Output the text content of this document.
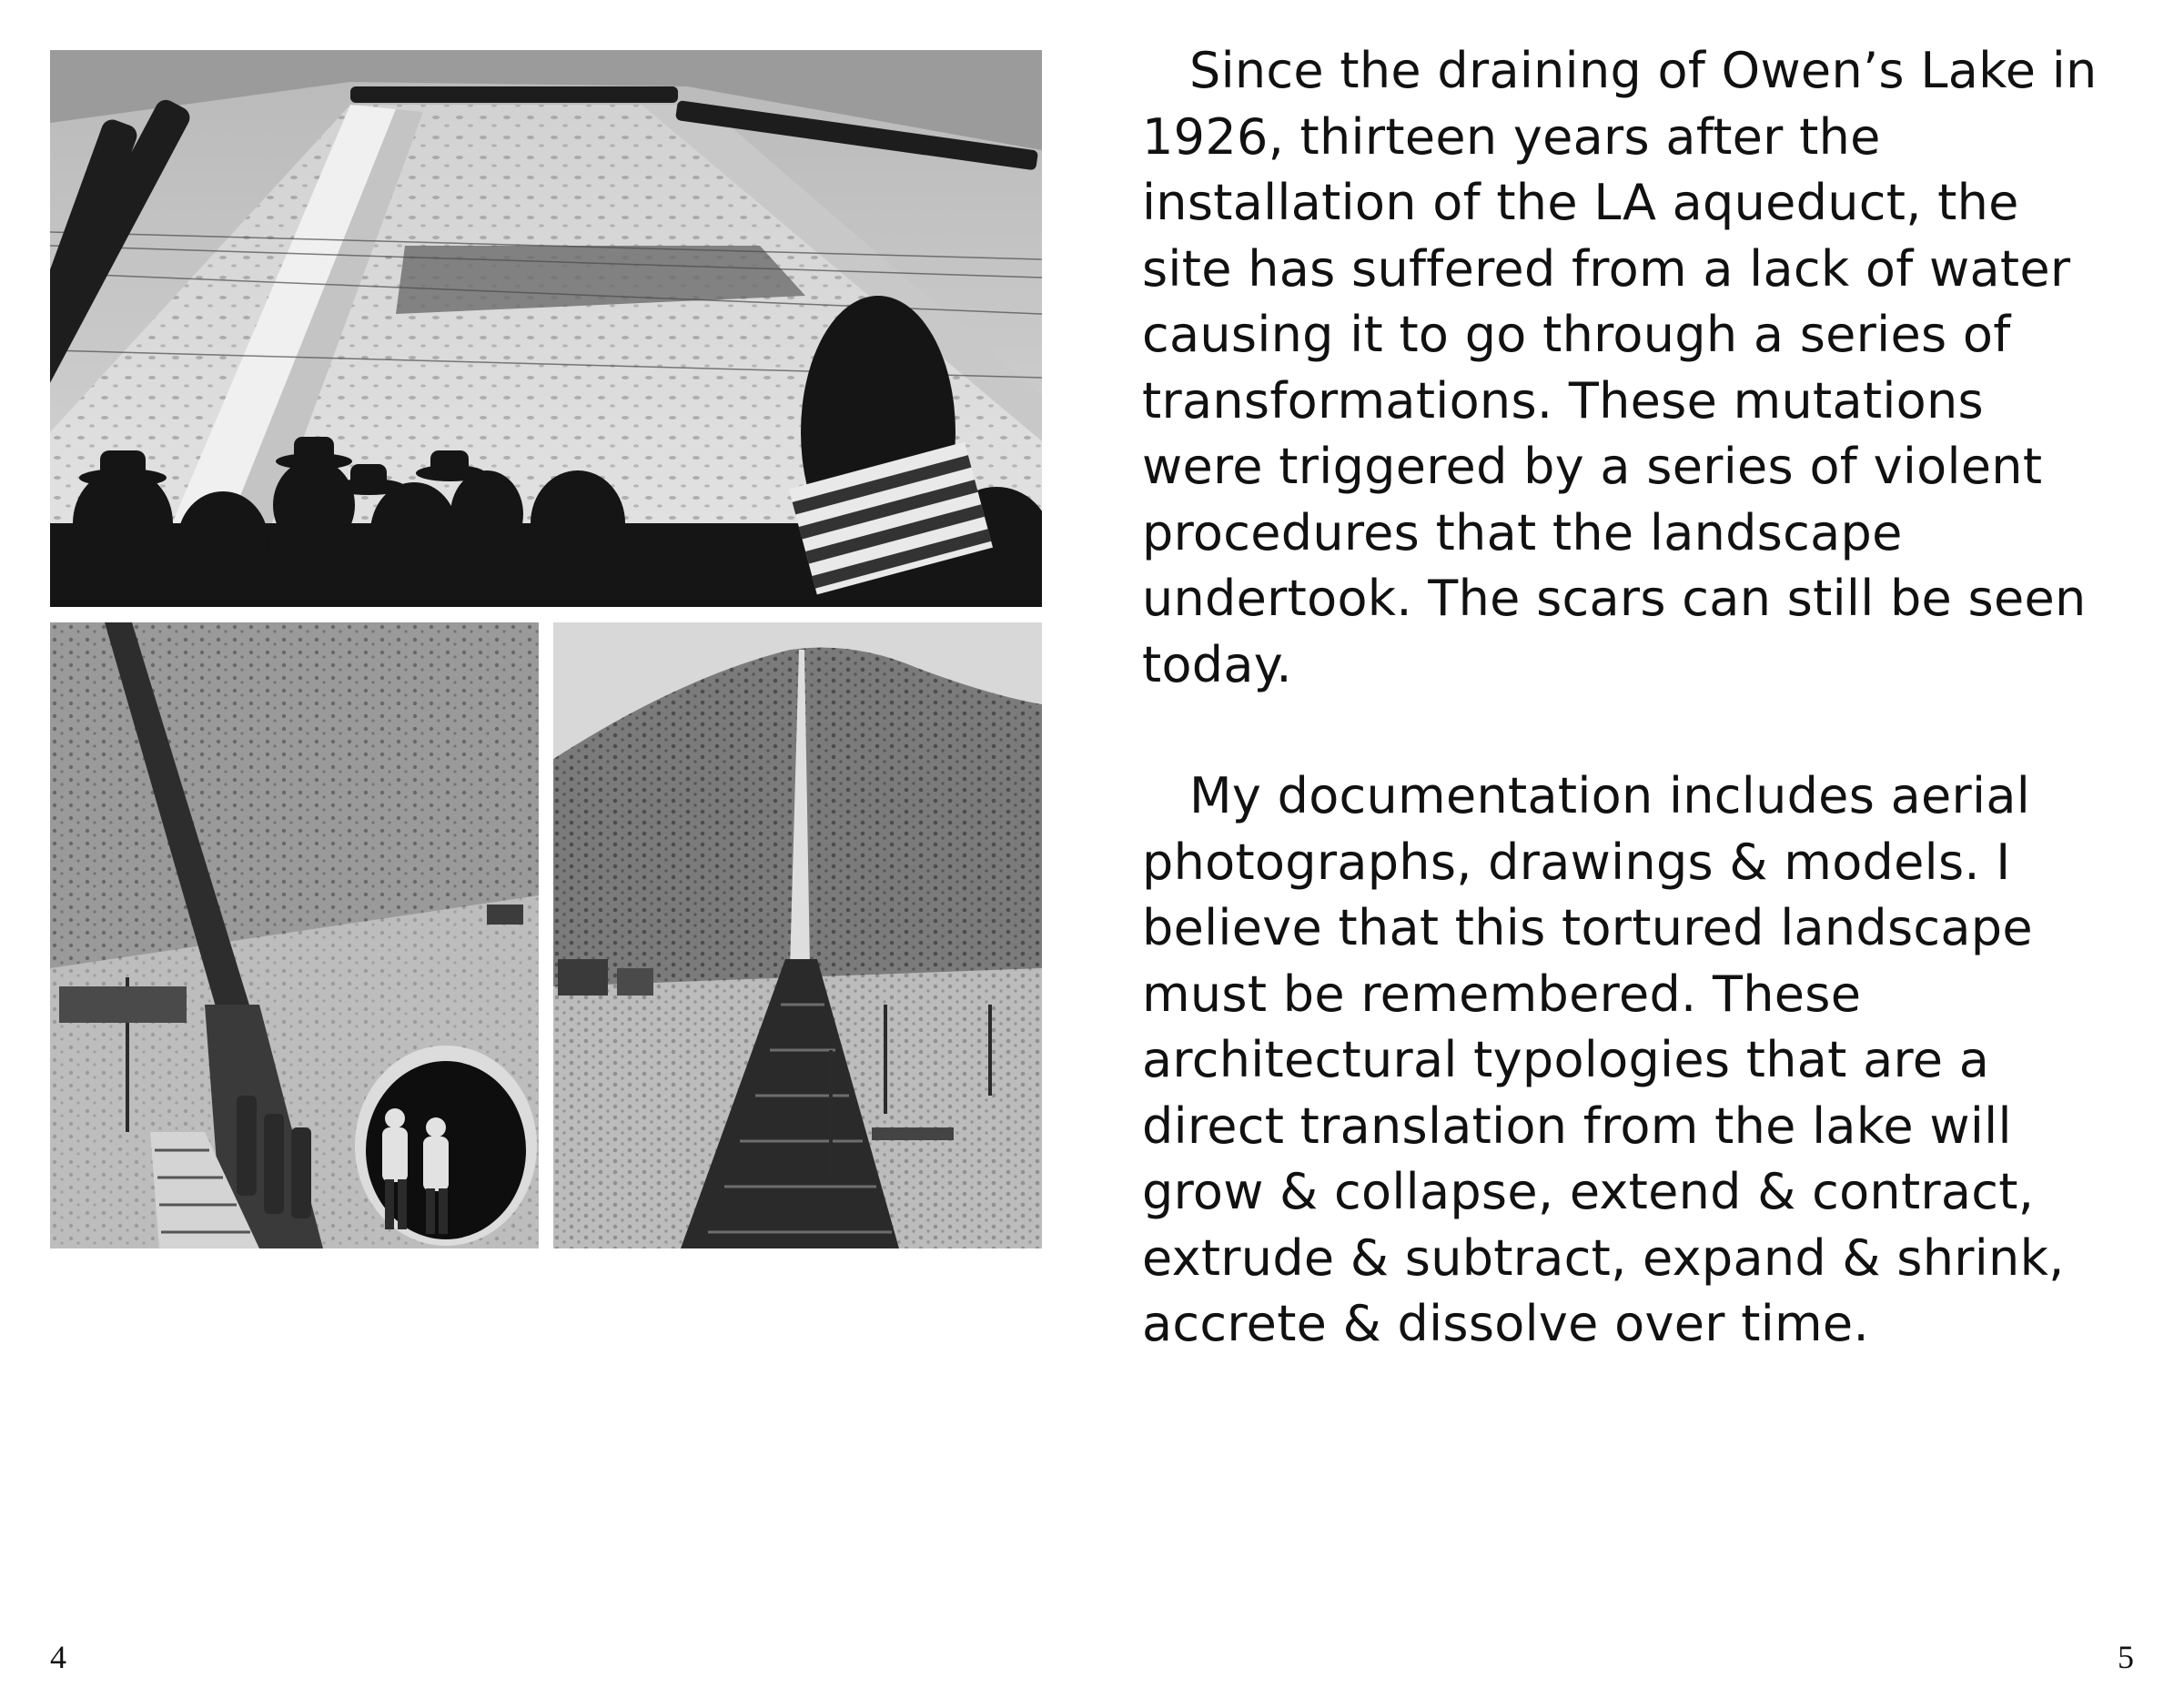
Since the draining of Owen’s Lake in 1926, thirteen years after the installation of the LA aqueduct, the site has suffered from a lack of water causing it to go through a series of transformations. These mutations were triggered by a series of violent procedures that the landscape undertook. The scars can still be seen today.

My documentation includes aerial photographs, drawings & models. I believe that this tortured landscape must be remembered. These architectural typologies that are a direct translation from the lake will grow & collapse, extend & contract, extrude & subtract, expand & shrink, accrete & dissolve over time.

4	5
